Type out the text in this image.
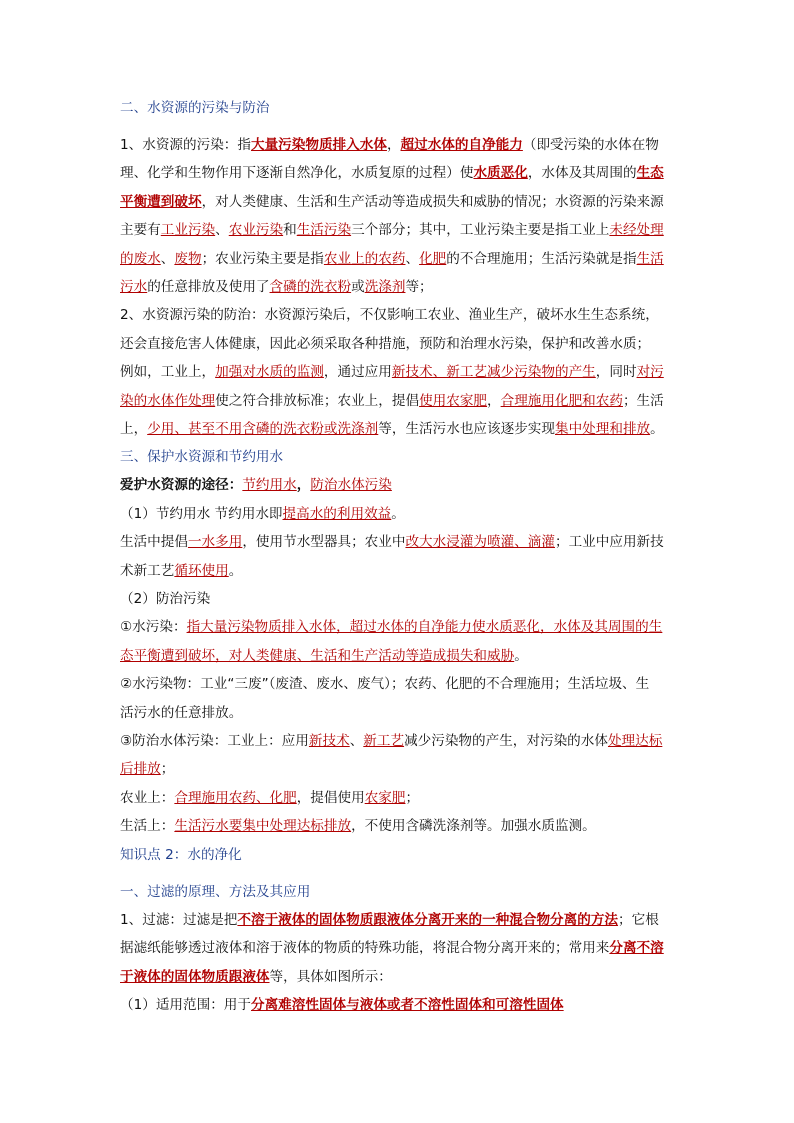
二、水资源的污染与防治

1、水资源的污染：指大量污染物质排入水体，超过水体的自净能力（即受污染的水体在物

理、化学和生物作用下逐渐自然净化，水质复原的过程）使水质恶化，水体及其周围的生态

平衡遭到破坏，对人类健康、生活和生产活动等造成损失和威胁的情况；水资源的污染来源

主要有工业污染、农业污染和生活污染三个部分；其中，工业污染主要是指工业上未经处理

的废水、废物；农业污染主要是指农业上的农药、化肥的不合理施用；生活污染就是指生活

污水的任意排放及使用了含磷的洗衣粉或洗涤剂等；

2、水资源污染的防治：水资源污染后，不仅影响工农业、渔业生产，破坏水生生态系统，

还会直接危害人体健康，因此必须采取各种措施，预防和治理水污染，保护和改善水质；

例如，工业上，加强对水质的监测，通过应用新技术、新工艺减少污染物的产生，同时对污

染的水体作处理使之符合排放标准；农业上，提倡使用农家肥，合理施用化肥和农药；生活

上，少用、甚至不用含磷的洗衣粉或洗涤剂等，生活污水也应该逐步实现集中处理和排放。

三、保护水资源和节约用水

爱护水资源的途径：节约用水，防治水体污染

（1）节约用水 节约用水即提高水的利用效益。

生活中提倡一水多用，使用节水型器具；农业中改大水浸灌为喷灌、滴灌；工业中应用新技

术新工艺循环使用。

（2）防治污染

①水污染：指大量污染物质排入水体，超过水体的自净能力使水质恶化，水体及其周围的生

态平衡遭到破坏，对人类健康、生活和生产活动等造成损失和威胁。

②水污染物：工业“三废”（废渣、废水、废气）；农药、化肥的不合理施用；生活垃圾、生

活污水的任意排放。

③防治水体污染：工业上：应用新技术、新工艺减少污染物的产生，对污染的水体处理达标

后排放；

农业上：合理施用农药、化肥，提倡使用农家肥；

生活上：生活污水要集中处理达标排放，不使用含磷洗涤剂等。加强水质监测。

知识点 2：水的净化

一、过滤的原理、方法及其应用

1、过滤：过滤是把不溶于液体的固体物质跟液体分离开来的一种混合物分离的方法；它根

据滤纸能够透过液体和溶于液体的物质的特殊功能，将混合物分离开来的；常用来分离不溶

于液体的固体物质跟液体等，具体如图所示：

（1）适用范围：用于分离难溶性固体与液体或者不溶性固体和可溶性固体
